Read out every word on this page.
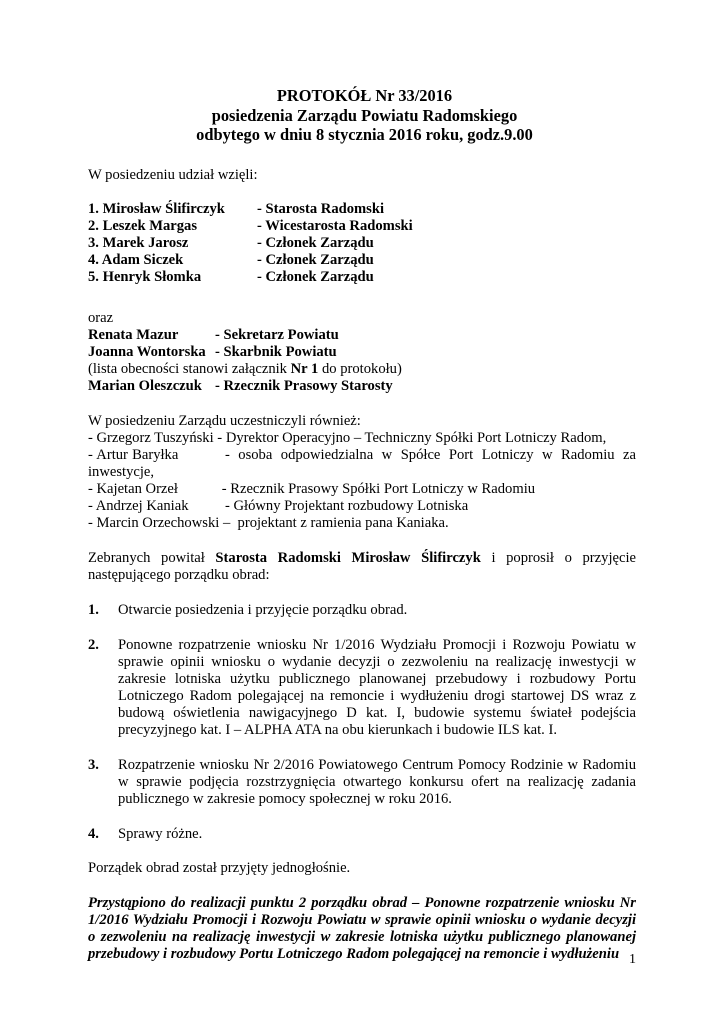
PROTOKÓŁ Nr 33/2016
posiedzenia Zarządu Powiatu Radomskiego
odbytego w dniu 8 stycznia 2016 roku, godz.9.00

W posiedzeniu udział wzięli:

1. Mirosław Ślifirczyk	- Starosta Radomski
2. Leszek Margas	- Wicestarosta Radomski
3. Marek Jarosz	- Członek Zarządu
4. Adam Siczek	- Członek Zarządu
5. Henryk Słomka	- Członek Zarządu

oraz

Renata Mazur	- Sekretarz Powiatu
Joanna Wontorska - Skarbnik Powiatu

(lista obecności stanowi załącznik Nr 1 do protokołu)

Marian Oleszczuk - Rzecznik Prasowy Starosty

W posiedzeniu Zarządu uczestniczyli również:

- Grzegorz Tuszyński - Dyrektor Operacyjno – Techniczny Spółki Port Lotniczy Radom,

- Artur Baryłka           -  osoba  odpowiedzialna  w  Spółce  Port  Lotniczy  w  Radomiu  za inwestycje,

- Kajetan Orzeł            - Rzecznik Prasowy Spółki Port Lotniczy w Radomiu

- Andrzej Kaniak          - Główny Projektant rozbudowy Lotniska

- Marcin Orzechowski –  projektant z ramienia pana Kaniaka.

Zebranych  powitał  Starosta  Radomski  Mirosław  Ślifirczyk  i  poprosił  o  przyjęcie następującego porządku obrad:

1.	Otwarcie posiedzenia i przyjęcie porządku obrad.
2.	Ponowne rozpatrzenie wniosku Nr 1/2016 Wydziału Promocji i Rozwoju Powiatu w sprawie opinii wniosku o wydanie decyzji o zezwoleniu na realizację inwestycji w zakresie lotniska użytku publicznego planowanej przebudowy i rozbudowy Portu Lotniczego Radom polegającej na remoncie i wydłużeniu drogi startowej DS wraz z budową oświetlenia nawigacyjnego D kat. I, budowie systemu świateł podejścia precyzyjnego kat. I – ALPHA ATA na obu kierunkach i budowie ILS kat. I.
3.	Rozpatrzenie wniosku Nr 2/2016 Powiatowego Centrum Pomocy Rodzinie w Radomiu w sprawie podjęcia rozstrzygnięcia otwartego konkursu ofert na realizację zadania publicznego w zakresie pomocy społecznej w roku 2016.
4.	Sprawy różne.

Porządek obrad został przyjęty jednogłośnie.

Przystąpiono do realizacji punktu 2 porządku obrad – Ponowne rozpatrzenie wniosku Nr 1/2016 Wydziału Promocji i Rozwoju Powiatu w sprawie opinii wniosku o wydanie decyzji o zezwoleniu na realizację inwestycji w zakresie lotniska użytku publicznego planowanej przebudowy i rozbudowy Portu Lotniczego Radom polegającej na remoncie i wydłużeniu 1
